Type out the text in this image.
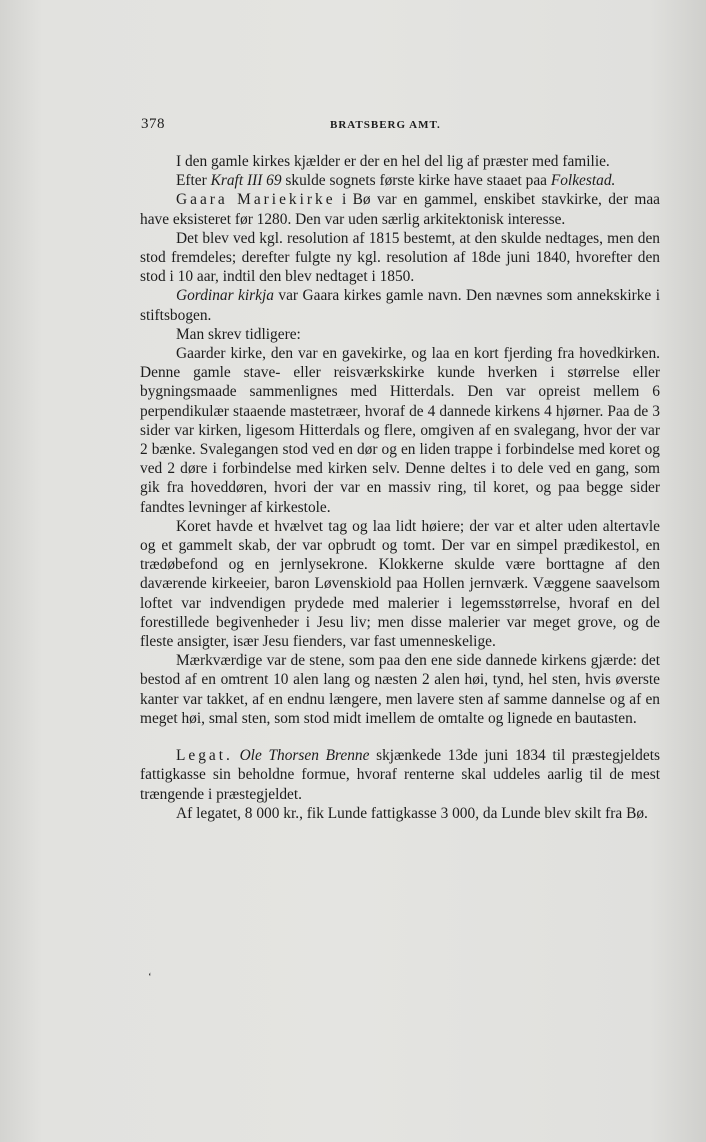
378	BRATSBERG AMT.

I den gamle kirkes kjælder er der en hel del lig af præster med familie.

Efter Kraft III 69 skulde sognets første kirke have staaet paa Folkestad.

Gaara Mariekirke i Bø var en gammel, enskibet stavkirke, der maa have eksisteret før 1280. Den var uden særlig arkitektonisk interesse.

Det blev ved kgl. resolution af 1815 bestemt, at den skulde nedtages, men den stod fremdeles; derefter fulgte ny kgl. resolution af 18de juni 1840, hvorefter den stod i 10 aar, indtil den blev nedtaget i 1850.

Gordinar kirkja var Gaara kirkes gamle navn. Den nævnes som annekskirke i stiftsbogen.

Man skrev tidligere:

Gaarder kirke, den var en gavekirke, og laa en kort fjerding fra hovedkirken. Denne gamle stave- eller reisværkskirke kunde hverken i størrelse eller bygningsmaade sammenlignes med Hitterdals. Den var opreist mellem 6 perpendikulær staaende mastetræer, hvoraf de 4 dannede kirkens 4 hjørner. Paa de 3 sider var kirken, ligesom Hitterdals og flere, omgiven af en svalegang, hvor der var 2 bænke. Svalegangen stod ved en dør og en liden trappe i forbindelse med koret og ved 2 døre i forbindelse med kirken selv. Denne deltes i to dele ved en gang, som gik fra hoveddøren, hvori der var en massiv ring, til koret, og paa begge sider fandtes levninger af kirkestole.

Koret havde et hvælvet tag og laa lidt høiere; der var et alter uden altertavle og et gammelt skab, der var opbrudt og tomt. Der var en simpel prædikestol, en trædøbefond og en jernlysekrone. Klokkerne skulde være borttagne af den daværende kirkeeier, baron Løvenskiold paa Hollen jernværk. Væggene saavelsom loftet var indvendigen prydede med malerier i legemsstørrelse, hvoraf en del forestillede begivenheder i Jesu liv; men disse malerier var meget grove, og de fleste ansigter, især Jesu fienders, var fast umenneskelige.

Mærkværdige var de stene, som paa den ene side dannede kirkens gjærde: det bestod af en omtrent 10 alen lang og næsten 2 alen høi, tynd, hel sten, hvis øverste kanter var takket, af en endnu længere, men lavere sten af samme dannelse og af en meget høi, smal sten, som stod midt imellem de omtalte og lignede en bautasten.

Legat. Ole Thorsen Brenne skjænkede 13de juni 1834 til præstegjeldets fattigkasse sin beholdne formue, hvoraf renterne skal uddeles aarlig til de mest trængende i præstegjeldet.

Af legatet, 8 000 kr., fik Lunde fattigkasse 3 000, da Lunde blev skilt fra Bø.

‘
